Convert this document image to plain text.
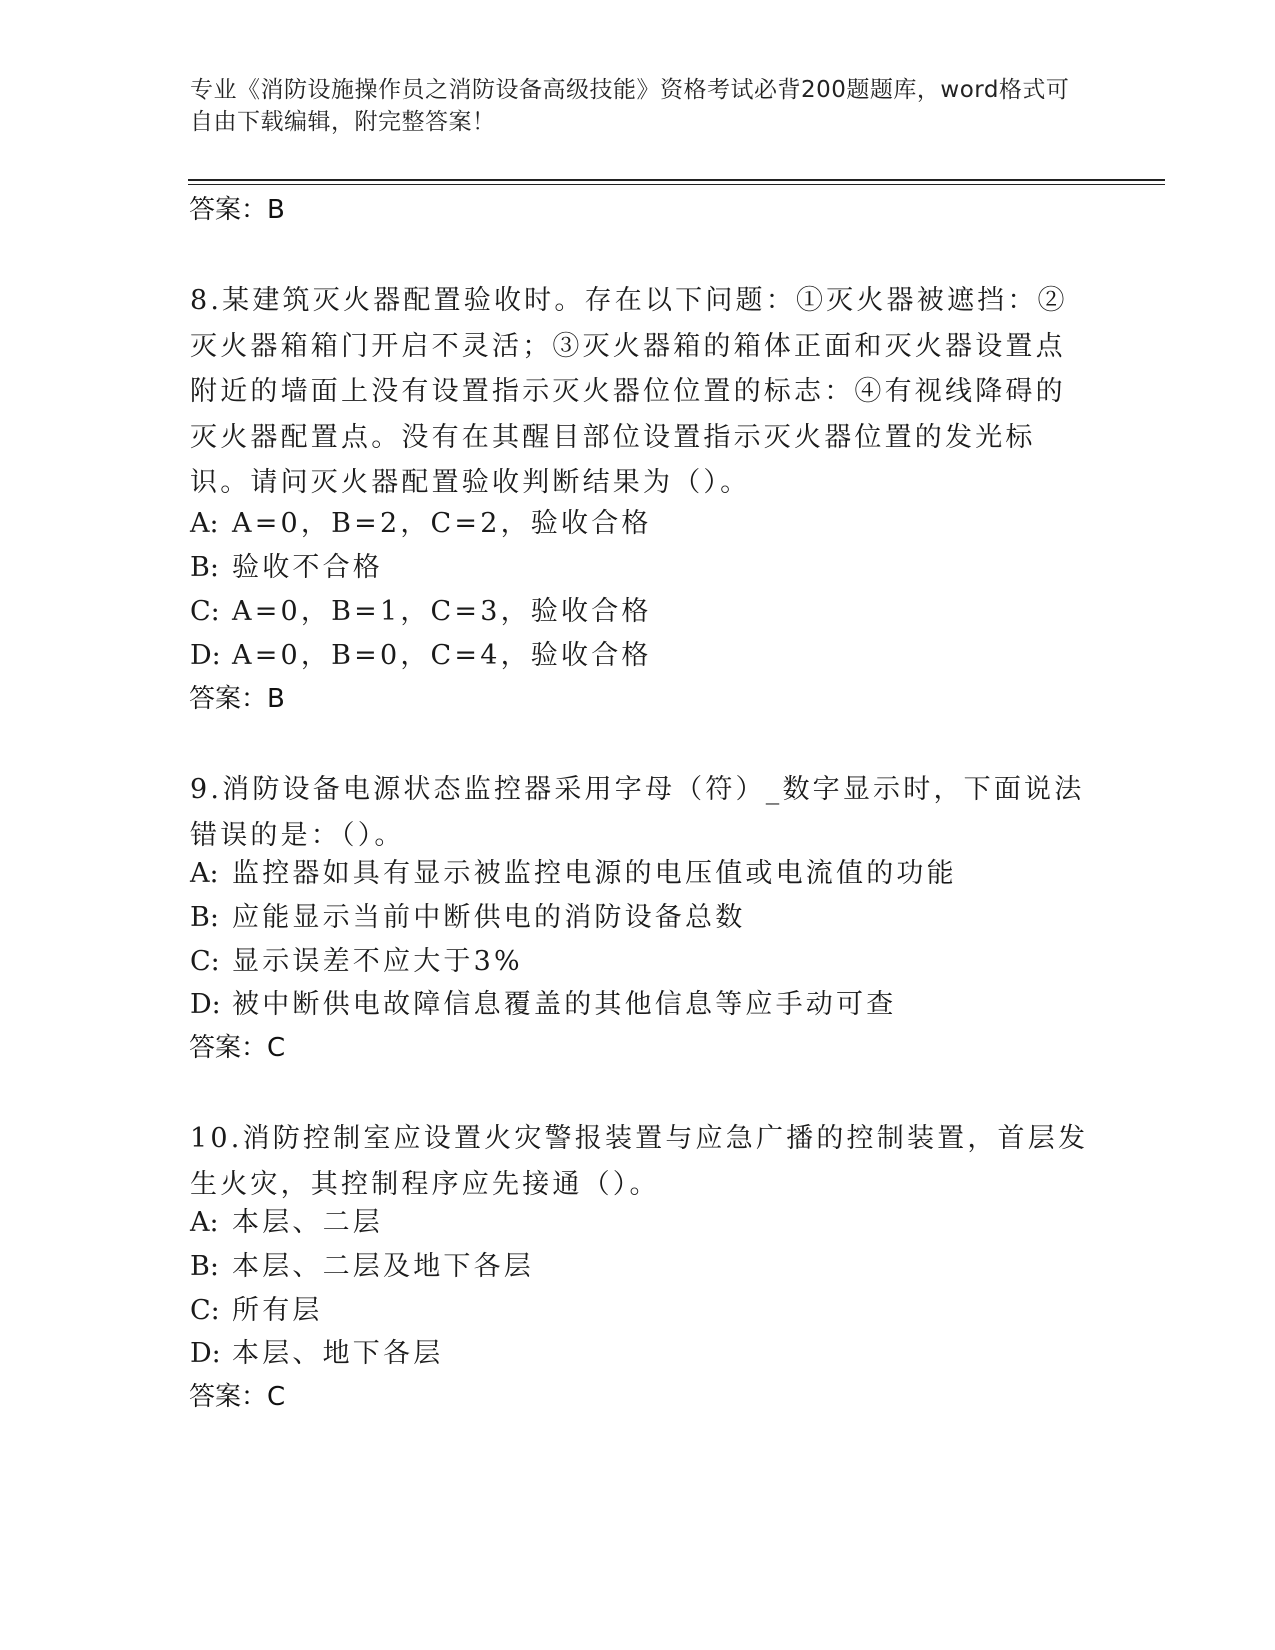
专业《消防设施操作员之消防设备高级技能》资格考试必背200题题库，word格式可自由下载编辑，附完整答案！
答案：B
8.某建筑灭火器配置验收时。存在以下问题：①灭火器被遮挡：②灭火器箱箱门开启不灵活；③灭火器箱的箱体正面和灭火器设置点附近的墙面上没有设置指示灭火器位位置的标志：④有视线降碍的灭火器配置点。没有在其醒目部位设置指示灭火器位置的发光标识。请问灭火器配置验收判断结果为（）。
A: A=0，B=2，C=2，验收合格
B: 验收不合格
C: A=0，B=1，C=3，验收合格
D: A=0，B=0，C=4，验收合格
答案：B
9.消防设备电源状态监控器采用字母（符）_数字显示时，下面说法错误的是：（）。
A: 监控器如具有显示被监控电源的电压值或电流值的功能
B: 应能显示当前中断供电的消防设备总数
C: 显示误差不应大于3%
D: 被中断供电故障信息覆盖的其他信息等应手动可查
答案：C
10.消防控制室应设置火灾警报装置与应急广播的控制装置，首层发生火灾，其控制程序应先接通（）。
A: 本层、二层
B: 本层、二层及地下各层
C: 所有层
D: 本层、地下各层
答案：C
